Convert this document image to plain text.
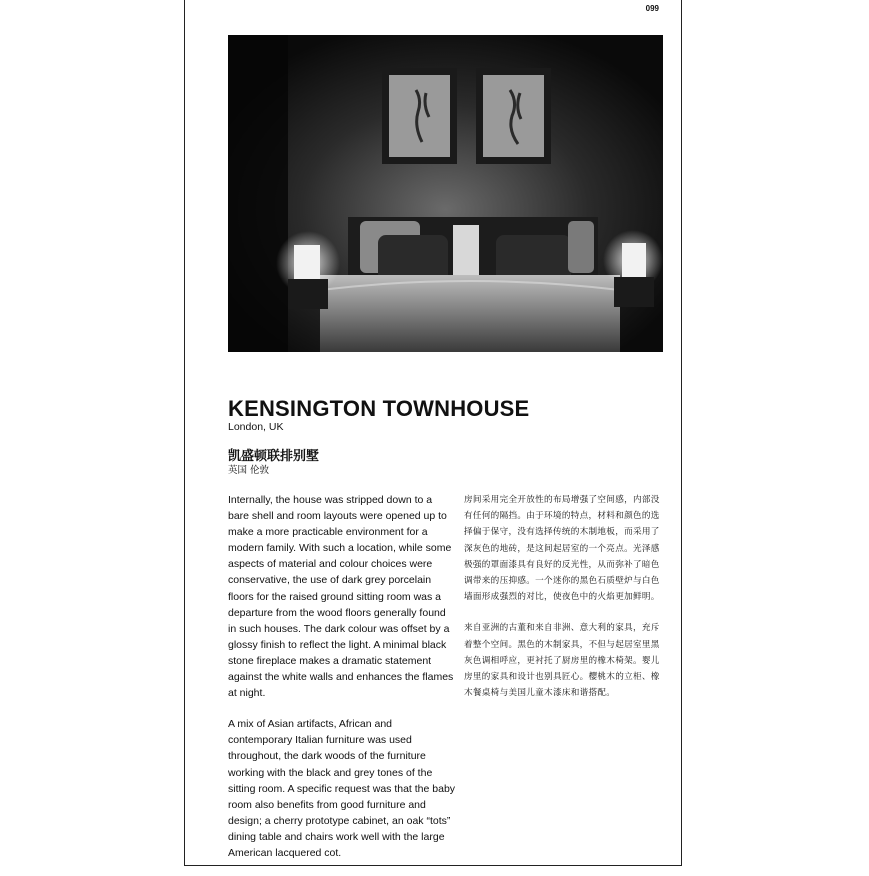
099
KENSINGTON TOWNHOUSE
London, UK
凯盛顿联排别墅
英国 伦敦

Internally, the house was stripped down to a bare shell and room layouts were opened up to make a more practicable environment for a modern family. With such a location, while some aspects of material and colour choices were conservative, the use of dark grey porcelain floors for the raised ground sitting room was a departure from the wood floors generally found in such houses. The dark colour was offset by a glossy finish to reflect the light. A minimal black stone fireplace makes a dramatic statement against the white walls and enhances the flames at night.

A mix of Asian artifacts, African and contemporary Italian furniture was used throughout, the dark woods of the furniture working with the black and grey tones of the sitting room. A specific request was that the baby room also benefits from good furniture and design; a cherry prototype cabinet, an oak “tots” dining table and chairs work well with the large American lacquered cot.

房间采用完全开放性的布局增强了空间感，内部没有任何的隔挡。由于环境的特点，材料和颜色的选择偏于保守，没有选择传统的木制地板，而采用了深灰色的地砖，是这间起居室的一个亮点。光泽感极强的罩面漆具有良好的反光性，从而弥补了暗色调带来的压抑感。一个迷你的黑色石质壁炉与白色墙面形成强烈的对比，使夜色中的火焰更加鲜明。

来自亚洲的古董和来自非洲、意大利的家具，充斥着整个空间。黑色的木制家具，不但与起居室里黑灰色调相呼应，更衬托了厨房里的橡木椅架。婴儿房里的家具和设计也别具匠心。樱桃木的立柜、橡木餐桌椅与美国儿童木漆床和谐搭配。
